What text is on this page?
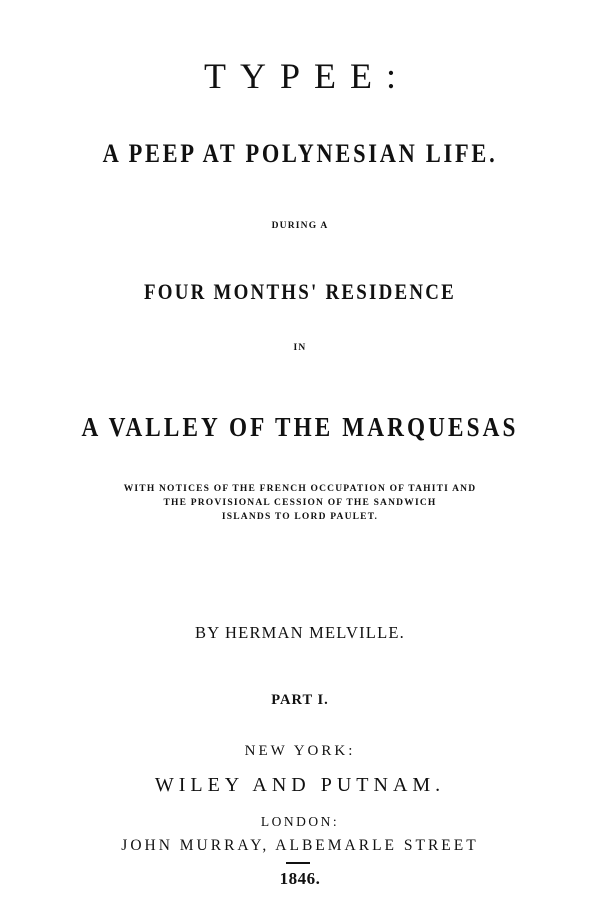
TYPEE:
A PEEP AT POLYNESIAN LIFE.
DURING A
FOUR MONTHS' RESIDENCE
IN
A VALLEY OF THE MARQUESAS
WITH NOTICES OF THE FRENCH OCCUPATION OF TAHITI AND
THE PROVISIONAL CESSION OF THE SANDWICH
ISLANDS TO LORD PAULET.
BY HERMAN MELVILLE.
PART I.
NEW YORK:
WILEY AND PUTNAM.
LONDON:
JOHN MURRAY, ALBEMARLE STREET
1846.
